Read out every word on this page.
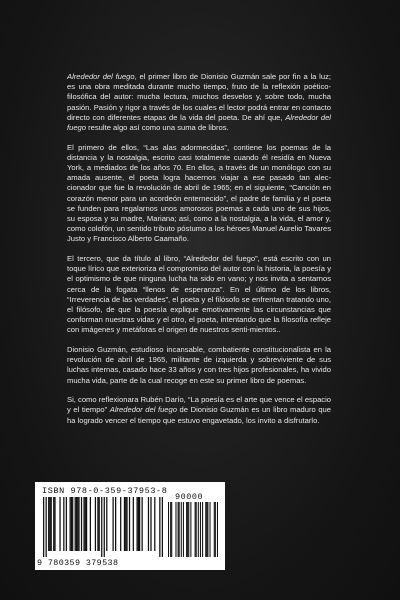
Alrededor del fuego, el primer libro de Dionisio Guzmán sale por fin a la luz; es una obra meditada durante mucho tiempo, fruto de la reflexión poético-filosófica del autor: mucha lectura, muchos desvelos y, sobre todo, mucha pasión. Pasión y rigor a través de los cuales el lector podrá entrar en contacto directo con diferentes etapas de la vida del poeta. De ahí que, Alrededor del fuego resulte algo así como una suma de libros.

El primero de ellos, “Las alas adormecidas”, contiene los poemas de la distancia y la nostalgia, escrito casi totalmente cuando él residía en Nueva York, a mediados de los años 70. En ellos, a través de un monólogo con su amada ausente, el poeta logra hacernos viajar a ese pasado tan alec-cionador que fue la revolución de abril de 1965; en el siguiente, “Canción en corazón menor para un acordeón enternecido”, el padre de familia y el poeta se funden para regalarnos unos amorosos poemas a cada uno de sus hijos, su esposa y su madre, Mariana; así, como a la nostalgia, a la vida, el amor y, como colofón, un sentido tributo póstumo a los héroes Manuel Aurelio Tavares Justo y Francisco Alberto Caamaño.

El tercero, que da título al libro, “Alrededor del fuego”, está escrito con un toque lírico que exterioriza el compromiso del autor con la historia, la poesía y el optimismo de que ninguna lucha ha sido en vano; y nos invita a sentarnos cerca de la fogata “llenos de esperanza”. En el último de los libros, “Irreverencia de las verdades”, el poeta y el filósofo se enfrentan tratando uno, el filósofo, de que la poesía explique emotivamente las circunstancias que conforman nuestras vidas y el otro, el poeta, intentando que la filosofía refleje con imágenes y metáforas el origen de nuestros senti-mientos..

Dionisio Guzmán, estudioso incansable, combatiente constitucionalista en la revolución de abril de 1965, militante de izquierda y sobreviviente de sus luchas internas, casado hace 33 años y con tres hijos profesionales, ha vivido mucha vida, parte de la cual recoge en este su primer libro de poemas.

Si, como reflexionara Rubén Darío, “La poesía es el arte que vence el espacio y el tiempo” Alrededor del fuego de Dionisio Guzmán es un libro maduro que ha logrado vencer el tiempo que estuvo engavetado, los invito a disfrutarlo.

ISBN 978-0-359-37953-8
9 780359 379538
90000
